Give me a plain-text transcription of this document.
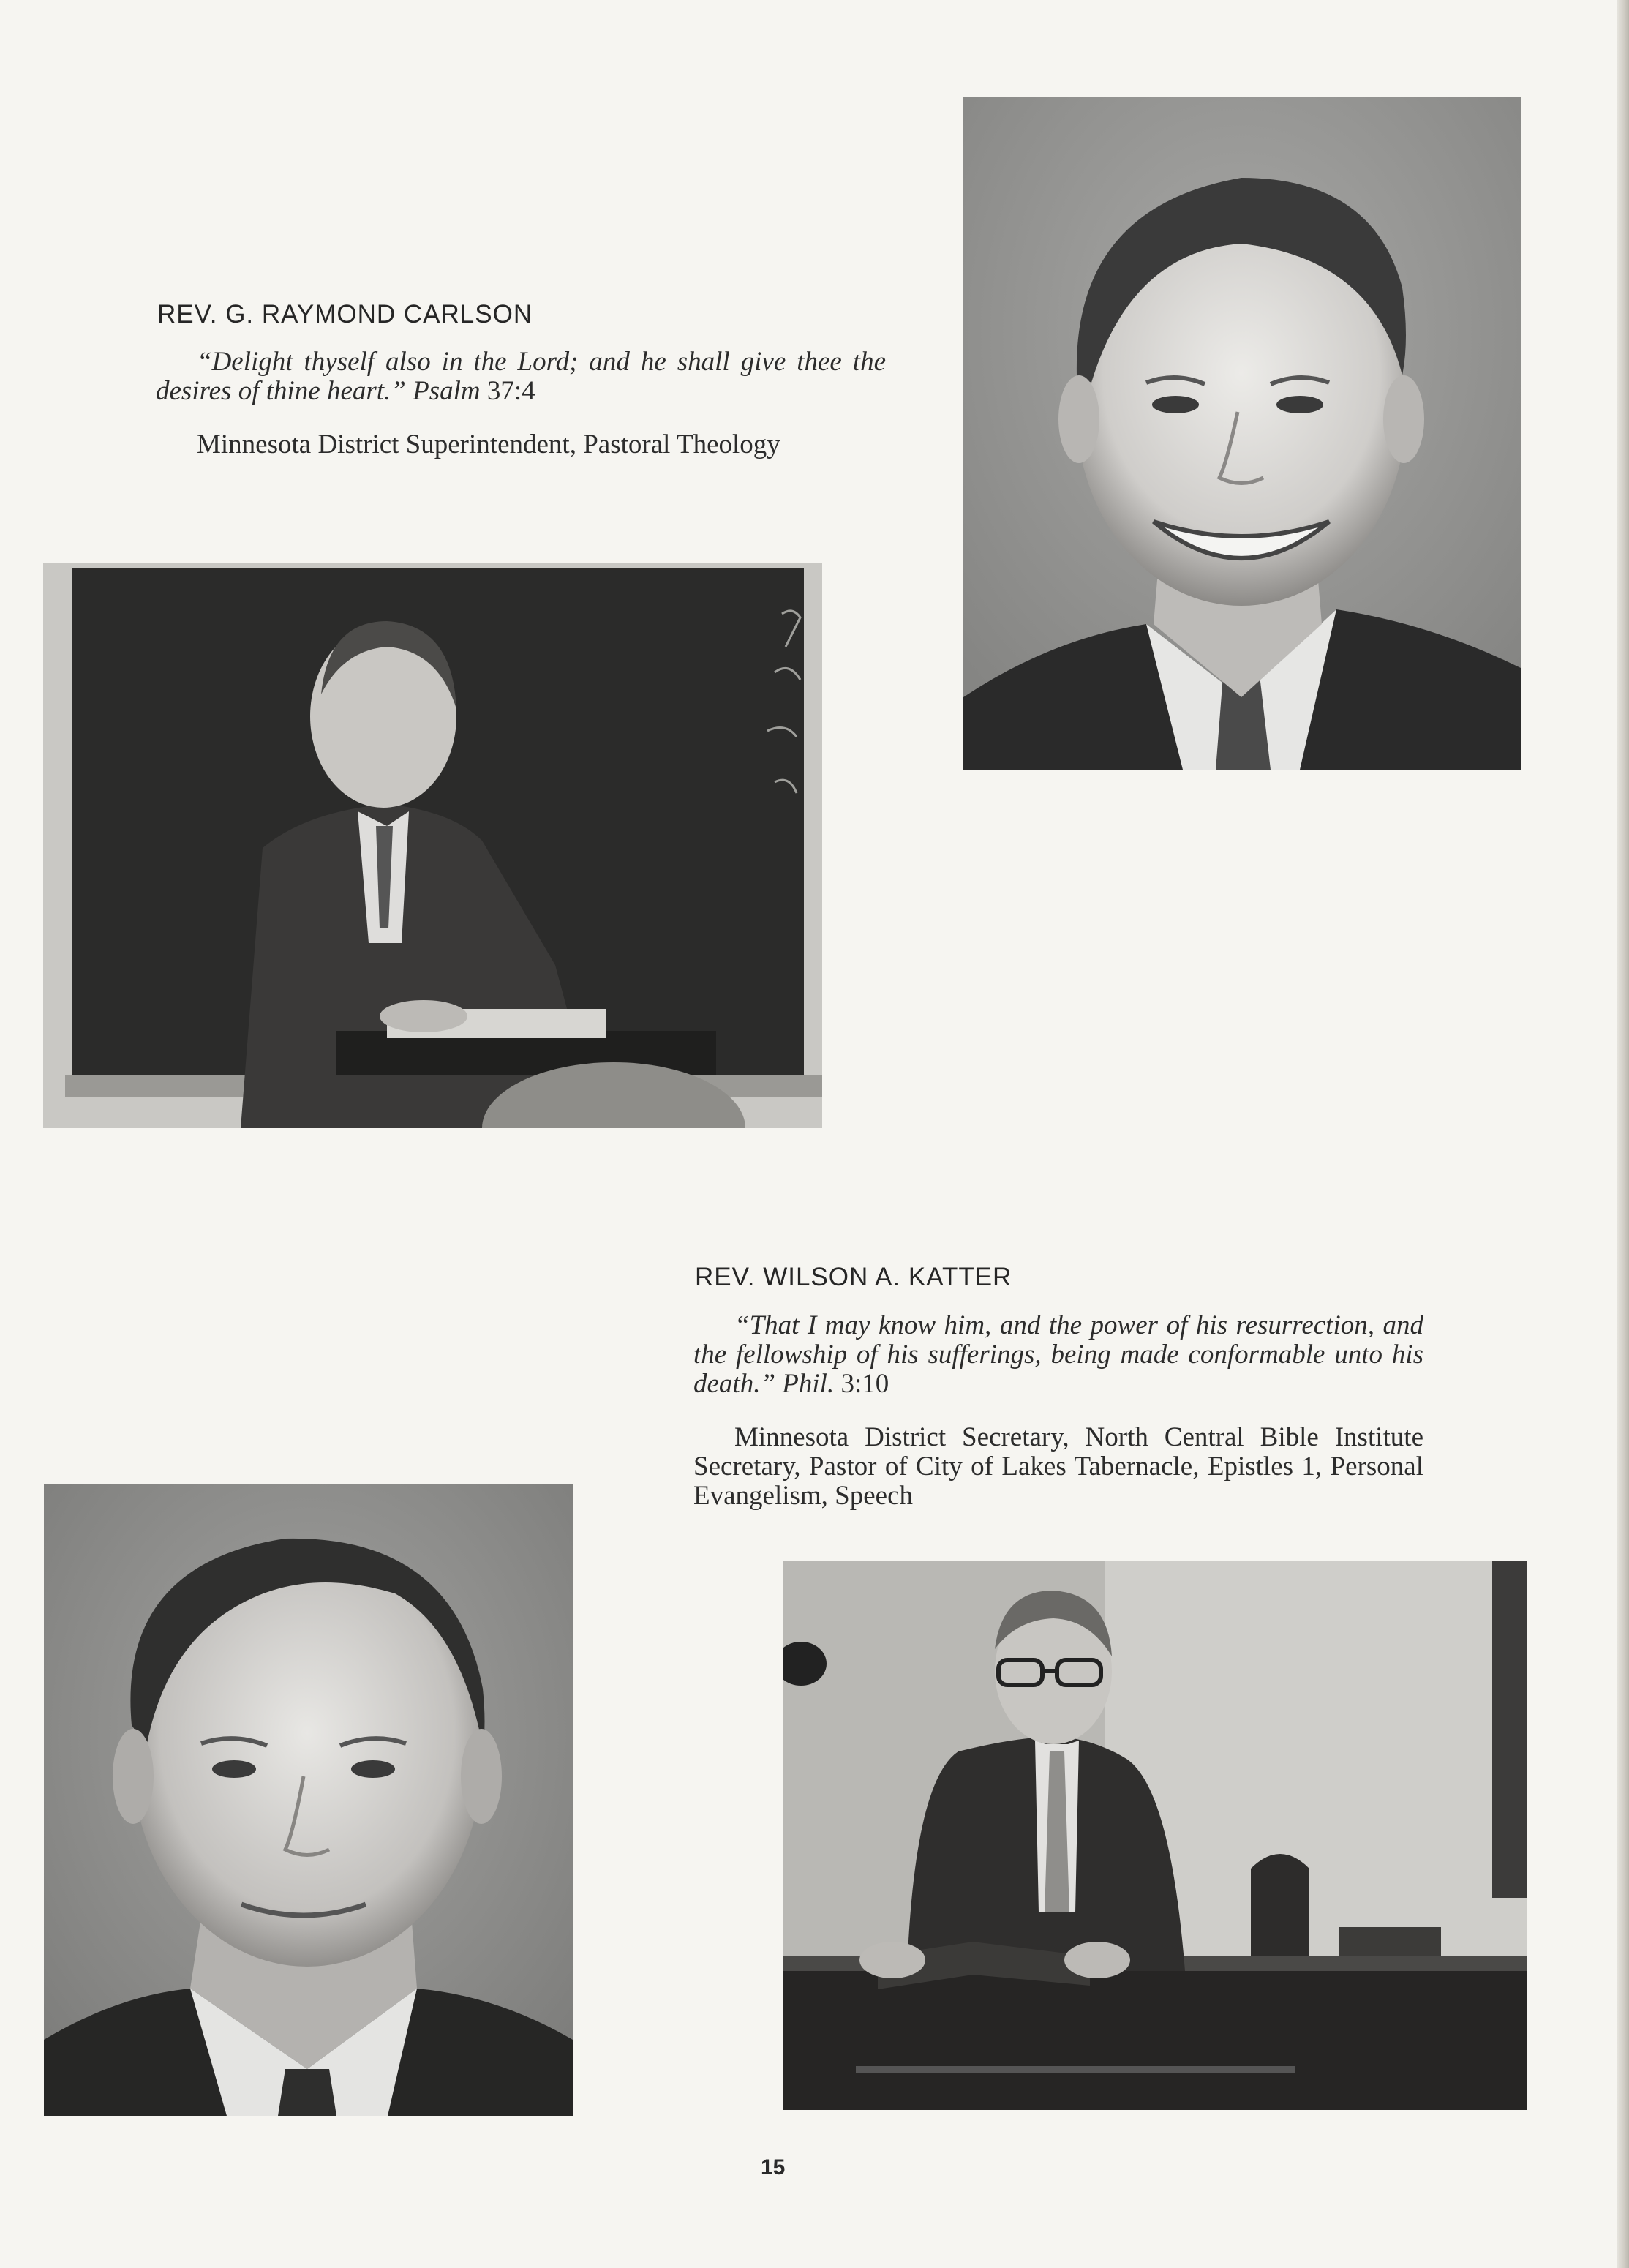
REV. G. RAYMOND CARLSON
“Delight thyself also in the Lord; and he shall give thee the desires of thine heart.” Psalm 37:4
Minnesota District Superintendent, Pastoral Theology
REV. WILSON A. KATTER
“That I may know him, and the power of his resurrection, and the fellowship of his sufferings, being made conformable unto his death.” Phil. 3:10
Minnesota District Secretary, North Central Bible Institute Secretary, Pastor of City of Lakes Tabernacle, Epistles 1, Personal Evangelism, Speech
15
